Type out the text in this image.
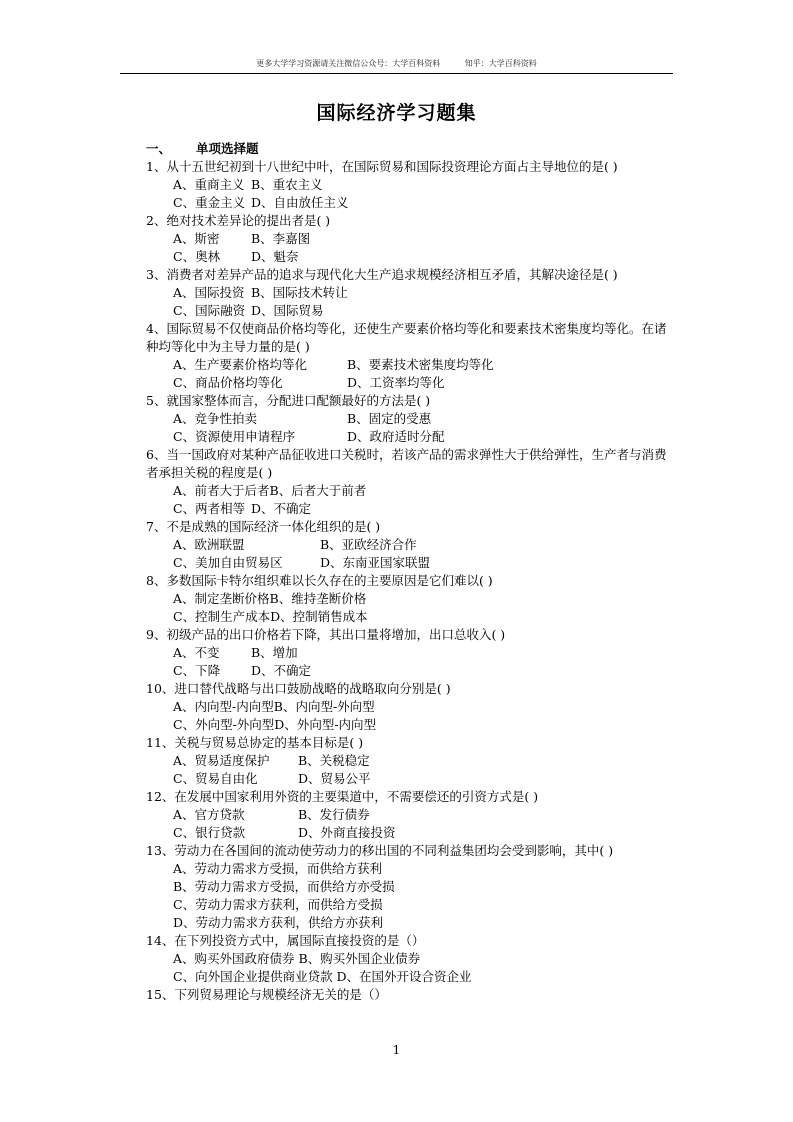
更多大学学习资源请关注微信公众号：大学百科资料	知乎：大学百科资料
国际经济学习题集
一、 单项选择题
1、从十五世纪初到十八世纪中叶，在国际贸易和国际投资理论方面占主导地位的是( )
A、重商主义 B、重农主义
C、重金主义 D、自由放任主义
2、绝对技术差异论的提出者是( )
A、斯密	B、李嘉图
C、奥林 D、魁奈
3、消费者对差异产品的追求与现代化大生产追求规模经济相互矛盾，其解决途径是( )
A、国际投资 B、国际技术转让
C、国际融资 D、国际贸易
4、国际贸易不仅使商品价格均等化，还使生产要素价格均等化和要素技术密集度均等化。在诸种均等化中为主导力量的是( )
A、生产要素价格均等化	B、要素技术密集度均等化
C、商品价格均等化	D、工资率均等化
5、就国家整体而言，分配进口配额最好的方法是( )
A、竞争性拍卖	B、固定的受惠
C、资源使用申请程序	D、政府适时分配
6、当一国政府对某种产品征收进口关税时，若该产品的需求弹性大于供给弹性，生产者与消费者承担关税的程度是( )
A、前者大于后者B、后者大于前者
C、两者相等 D、不确定
7、不是成熟的国际经济一体化组织的是( )
A、欧洲联盟	B、亚欧经济合作
C、美加自由贸易区	D、东南亚国家联盟
8、多数国际卡特尔组织难以长久存在的主要原因是它们难以( )
A、制定垄断价格B、维持垄断价格
C、控制生产成本D、控制销售成本
9、初级产品的出口价格若下降，其出口量将增加，出口总收入( )
A、不变	B、增加
C、下降 D、不确定
10、进口替代战略与出口鼓励战略的战略取向分别是( )
A、内向型-内向型B、内向型-外向型
C、外向型-外向型D、外向型-内向型
11、关税与贸易总协定的基本目标是( )
A、贸易适度保护 B、关税稳定
C、贸易自由化	D、贸易公平
12、在发展中国家利用外资的主要渠道中，不需要偿还的引资方式是( )
A、官方贷款	B、发行债券
C、银行贷款	D、外商直接投资
13、劳动力在各国间的流动使劳动力的移出国的不同利益集团均会受到影响，其中( )
A、劳动力需求方受损，而供给方获利
B、劳动力需求方受损，而供给方亦受损
C、劳动力需求方获利，而供给方受损
D、劳动力需求方获利，供给方亦获利
14、在下列投资方式中，属国际直接投资的是（）
A、购买外国政府债券 B、购买外国企业债券
C、向外国企业提供商业贷款 D、在国外开设合资企业
15、下列贸易理论与规模经济无关的是（）
1
